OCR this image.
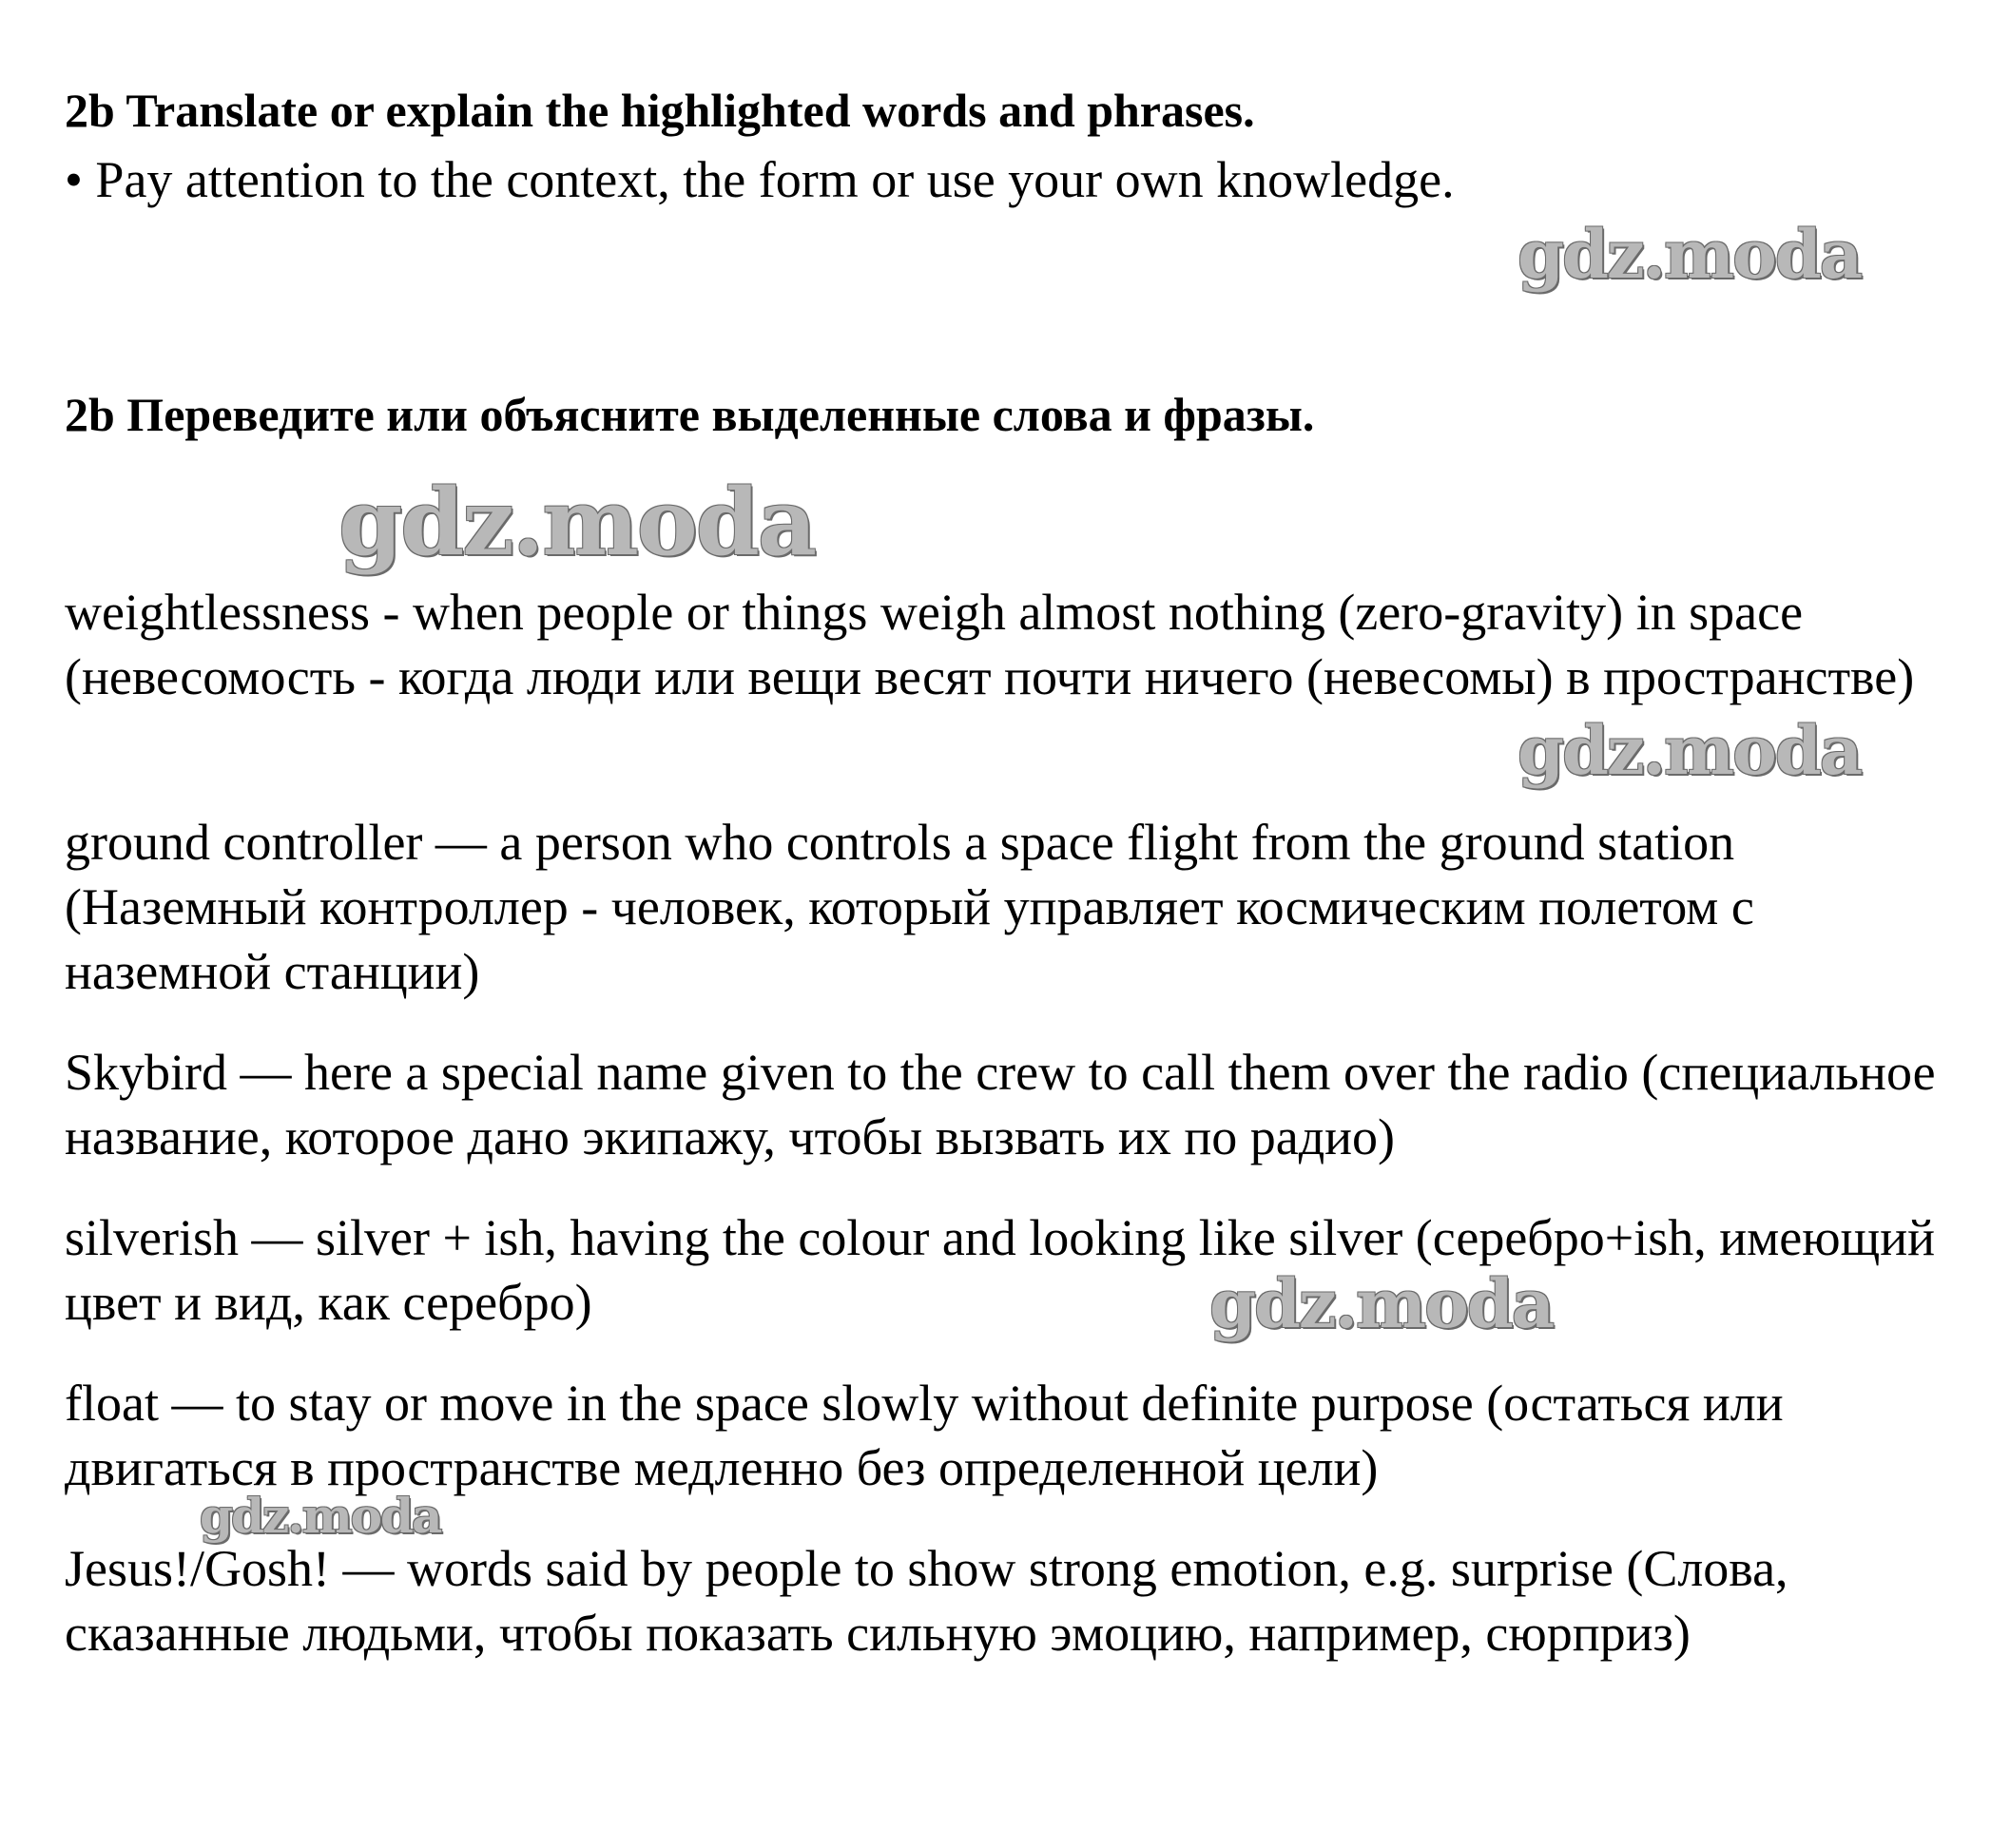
2b Translate or explain the highlighted words and phrases.

• Pay attention to the context, the form or use your own knowledge.

2b Переведите или объясните выделенные слова и фразы.

weightlessness - when people or things weigh almost nothing (zero-gravity) in space (невесомость - когда люди или вещи весят почти ничего (невесомы) в пространстве)

ground controller — a person who controls a space flight from the ground station (Наземный контроллер - человек, который управляет космическим полетом с наземной станции)

Skybird — here a special name given to the crew to call them over the radio (специальное название, которое дано экипажу, чтобы вызвать их по радио)

silverish — silver + ish, having the colour and looking like silver (серебро+ish, имеющий цвет и вид, как серебро)

float — to stay or move in the space slowly without definite purpose (остаться или двигаться в пространстве медленно без определенной цели)

Jesus!/Gosh! — words said by people to show strong emotion, e.g. surprise (Слова, сказанные людьми, чтобы показать сильную эмоцию, например, сюрприз)

gdz.moda
gdz.moda
gdz.moda
gdz.moda
gdz.moda
